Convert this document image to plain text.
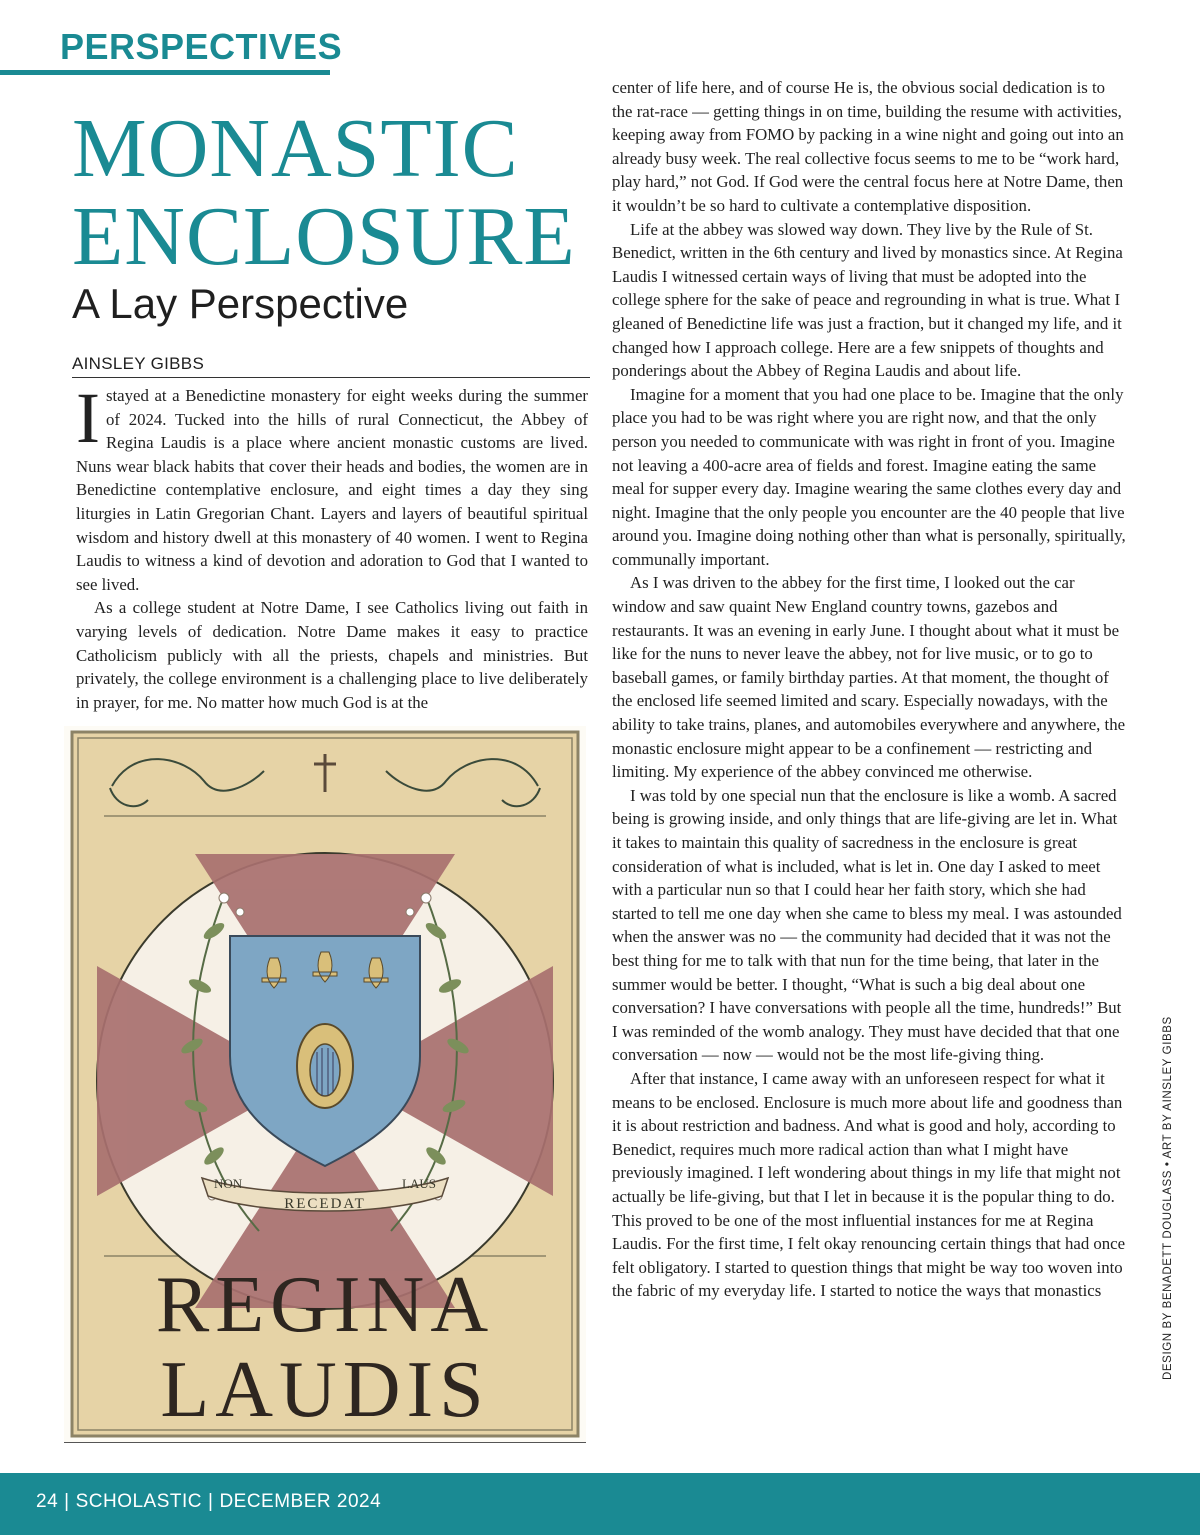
PERSPECTIVES
MONASTIC
ENCLOSURE
A Lay Perspective
AINSLEY GIBBS

Istayed at a Benedictine monastery for eight weeks during the summer of 2024. Tucked into the hills of rural Connecticut, the Abbey of Regina Laudis is a place where ancient monastic customs are lived. Nuns wear black habits that cover their heads and bodies, the women are in Benedictine contemplative enclosure, and eight times a day they sing liturgies in Latin Gregorian Chant. Layers and layers of beautiful spiritual wisdom and history dwell at this monastery of 40 women. I went to Regina Laudis to witness a kind of devotion and adoration to God that I wanted to see lived.

As a college student at Notre Dame, I see Catholics living out faith in varying levels of dedication. Notre Dame makes it easy to practice Catholicism publicly with all the priests, chapels and ministries. But privately, the college environment is a challenging place to live deliberately in prayer, for me. No matter how much God is at the

NON
RECEDAT
LAUS
REGINA
LAUDIS

center of life here, and of course He is, the obvious social dedication is to the rat-race — getting things in on time, building the resume with activities, keeping away from FOMO by packing in a wine night and going out into an already busy week. The real collective focus seems to me to be “work hard, play hard,” not God. If God were the central focus here at Notre Dame, then it wouldn’t be so hard to cultivate a contemplative disposition.

Life at the abbey was slowed way down. They live by the Rule of St. Benedict, written in the 6th century and lived by monastics since. At Regina Laudis I witnessed certain ways of living that must be adopted into the college sphere for the sake of peace and regrounding in what is true. What I gleaned of Benedictine life was just a fraction, but it changed my life, and it changed how I approach college. Here are a few snippets of thoughts and ponderings about the Abbey of Regina Laudis and about life.

Imagine for a moment that you had one place to be. Imagine that the only place you had to be was right where you are right now, and that the only person you needed to communicate with was right in front of you. Imagine not leaving a 400-acre area of fields and forest. Imagine eating the same meal for supper every day. Imagine wearing the same clothes every day and night. Imagine that the only people you encounter are the 40 people that live around you. Imagine doing nothing other than what is personally, spiritually, communally important.

As I was driven to the abbey for the first time, I looked out the car window and saw quaint New England country towns, gazebos and restaurants. It was an evening in early June. I thought about what it must be like for the nuns to never leave the abbey, not for live music, or to go to baseball games, or family birthday parties. At that moment, the thought of the enclosed life seemed limited and scary. Especially nowadays, with the ability to take trains, planes, and automobiles everywhere and anywhere, the monastic enclosure might appear to be a confinement — restricting and limiting. My experience of the abbey convinced me otherwise.

I was told by one special nun that the enclosure is like a womb. A sacred being is growing inside, and only things that are life-giving are let in. What it takes to maintain this quality of sacredness in the enclosure is great consideration of what is included, what is let in. One day I asked to meet with a particular nun so that I could hear her faith story, which she had started to tell me one day when she came to bless my meal. I was astounded when the answer was no — the community had decided that it was not the best thing for me to talk with that nun for the time being, that later in the summer would be better. I thought, “What is such a big deal about one conversation? I have conversations with people all the time, hundreds!” But I was reminded of the womb analogy. They must have decided that that one conversation — now — would not be the most life-giving thing.

After that instance, I came away with an unforeseen respect for what it means to be enclosed. Enclosure is much more about life and goodness than it is about restriction and badness. And what is good and holy, according to Benedict, requires much more radical action than what I might have previously imagined. I left wondering about things in my life that might not actually be life-giving, but that I let in because it is the popular thing to do. This proved to be one of the most influential instances for me at Regina Laudis. For the first time, I felt okay renouncing certain things that had once felt obligatory. I started to question things that might be way too woven into the fabric of my everyday life. I started to notice the ways that monastics	DESIGN BY BENADETT DOUGLASS • ART BY AINSLEY GIBBS
24 | SCHOLASTIC | DECEMBER 2024
